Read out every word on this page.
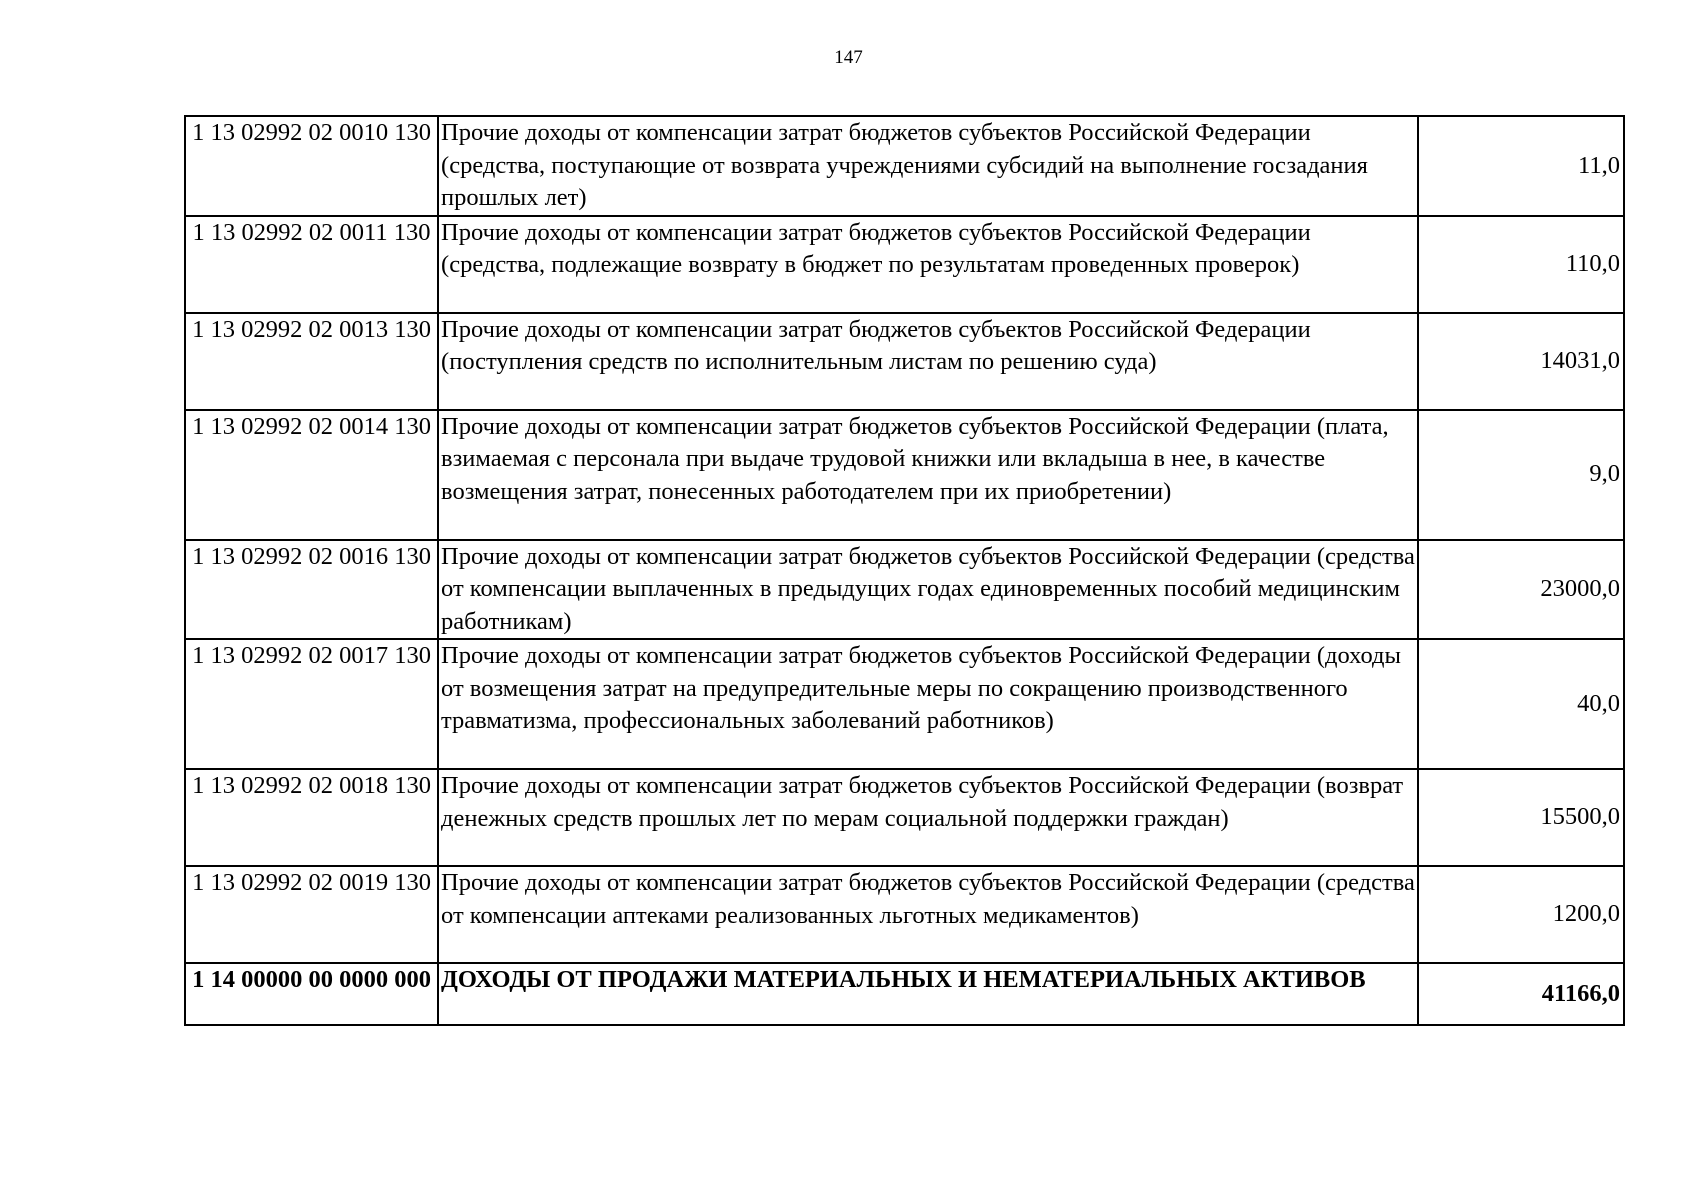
147
1 13 02992 02 0010 130	Прочие доходы от компенсации затрат бюджетов субъектов Российской Федерации (средства, поступающие от возврата учреждениями субсидий на выполнение госзадания прошлых лет)	11,0
1 13 02992 02 0011 130	Прочие доходы от компенсации затрат бюджетов субъектов Российской Федерации (средства, подлежащие возврату в бюджет по результатам проведенных проверок)	110,0
1 13 02992 02 0013 130	Прочие доходы от компенсации затрат бюджетов субъектов Российской Федерации (поступления средств по исполнительным листам по решению суда)	14031,0
1 13 02992 02 0014 130	Прочие доходы от компенсации затрат бюджетов субъектов Российской Федерации (плата, взимаемая с персонала при выдаче трудовой книжки или вкладыша в нее, в качестве возмещения затрат, понесенных работодателем при их приобретении)	9,0
1 13 02992 02 0016 130	Прочие доходы от компенсации затрат бюджетов субъектов Российской Федерации (средства от компенсации выплаченных в предыдущих годах единовременных пособий медицинским работникам)	23000,0
1 13 02992 02 0017 130	Прочие доходы от компенсации затрат бюджетов субъектов Российской Федерации (доходы от возмещения затрат на предупредительные меры по сокращению производственного травматизма, профессиональных заболеваний работников)	40,0
1 13 02992 02 0018 130	Прочие доходы от компенсации затрат бюджетов субъектов Российской Федерации (возврат денежных средств прошлых лет по мерам социальной поддержки граждан)	15500,0
1 13 02992 02 0019 130	Прочие доходы от компенсации затрат бюджетов субъектов Российской Федерации (средства от компенсации аптеками реализованных льготных медикаментов)	1200,0
1 14 00000 00 0000 000	ДОХОДЫ ОТ ПРОДАЖИ МАТЕРИАЛЬНЫХ И НЕМАТЕРИАЛЬНЫХ АКТИВОВ	41166,0
